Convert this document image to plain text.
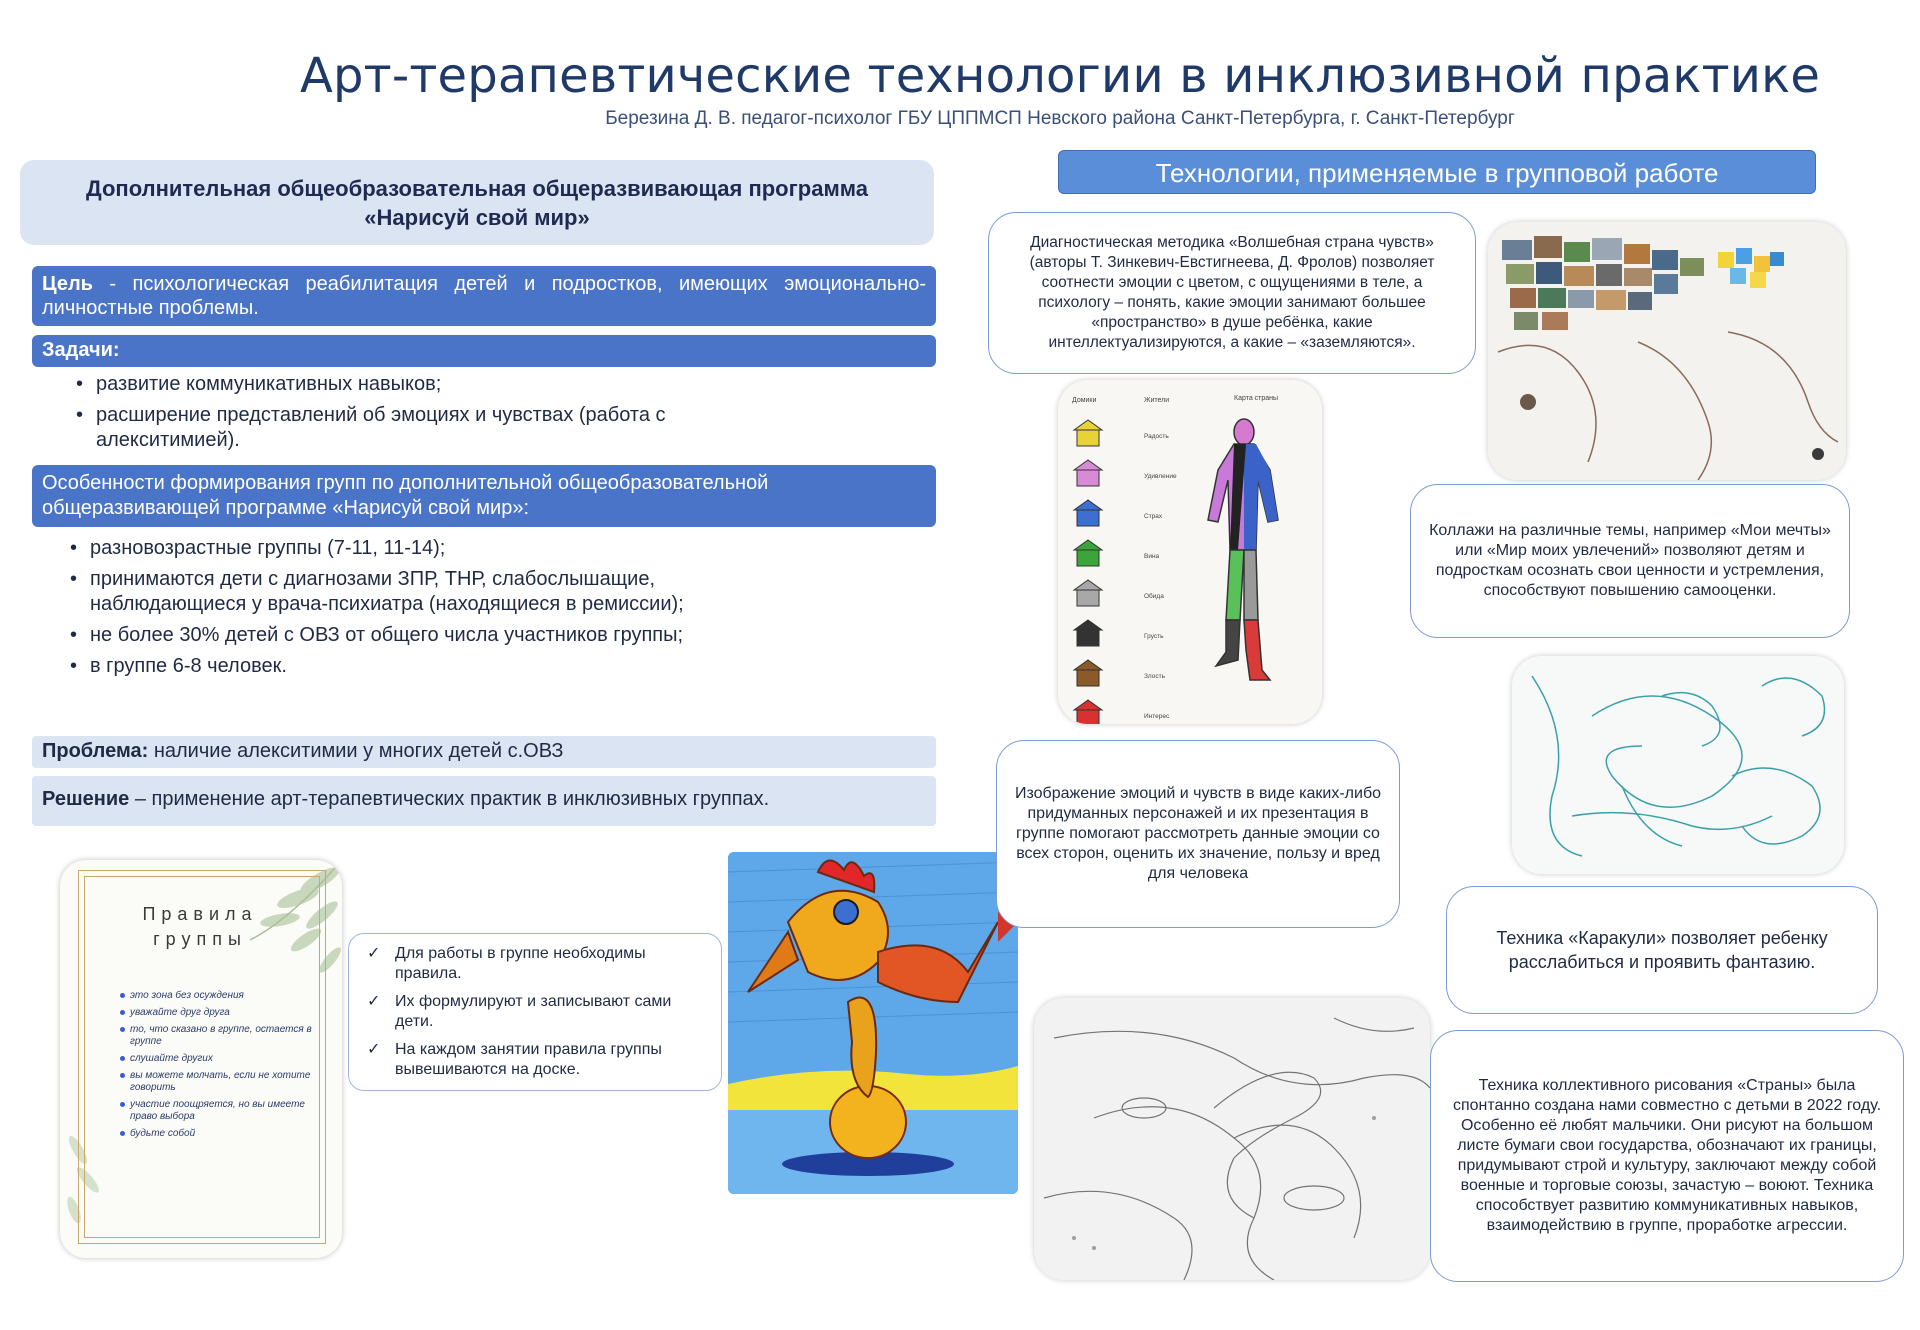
Арт-терапевтические технологии в инклюзивной практике
Березина Д. В. педагог-психолог ГБУ ЦППМСП Невского района Санкт-Петербурга, г. Санкт-Петербург
Дополнительная общеобразовательная общеразвивающая программа
«Нарисуй свой мир»
Цель - психологическая реабилитация детей и подростков, имеющих эмоционально-личностные проблемы.
Задачи:
• развитие коммуникативных навыков;
• расширение представлений об эмоциях и чувствах (работа с алекситимией).
Особенности формирования групп по дополнительной общеобразовательной общеразвивающей программе «Нарисуй свой мир»:
• разновозрастные группы (7-11, 11-14);
• принимаются дети с диагнозами ЗПР, ТНР, слабослышащие, наблюдающиеся у врача-психиатра (находящиеся в ремиссии);
• не более 30% детей с ОВЗ от общего числа участников группы;
• в группе 6-8 человек.
Проблема: наличие алекситимии у многих детей с.ОВЗ
Решение – применение арт-терапевтических практик в инклюзивных группах.
Правила
группы
это зона без осуждения
уважайте друг друга
то, что сказано в группе, остается в группе
слушайте других
вы можете молчать, если не хотите говорить
участие поощряется, но вы имеете право выбора
будьте собой
✓ Для работы в группе необходимы правила.
✓ Их формулируют и записывают сами дети.
✓ На каждом занятии правила группы вывешиваются на доске.
Технологии, применяемые в групповой работе
Диагностическая методика «Волшебная страна чувств» (авторы Т. Зинкевич-Евстигнеева, Д. Фролов) позволяет соотнести эмоции с цветом, с ощущениями в теле, а психологу – понять, какие эмоции занимают большее «пространство» в душе ребёнка, какие интеллектуализируются, а какие – «заземляются».
Коллажи на различные темы, например «Мои мечты» или «Мир моих увлечений» позволяют детям и подросткам осознать свои ценности и устремления, способствуют повышению самооценки.
Домики	Жители	Карта страны
Радость
Удивление
Страх
Вина
Обида
Грусть
Злость
Интерес
Изображение эмоций и чувств в виде каких-либо придуманных персонажей и их презентация в группе помогают рассмотреть данные эмоции со всех сторон, оценить их значение, пользу и вред для человека
Техника «Каракули» позволяет ребенку расслабиться и проявить фантазию.
Техника коллективного рисования «Страны» была спонтанно создана нами совместно с детьми в 2022 году. Особенно её любят мальчики. Они рисуют на большом листе бумаги свои государства, обозначают их границы, придумывают строй и культуру, заключают между собой военные и торговые союзы, зачастую – воюют. Техника способствует развитию коммуникативных навыков, взаимодействию в группе, проработке агрессии.
